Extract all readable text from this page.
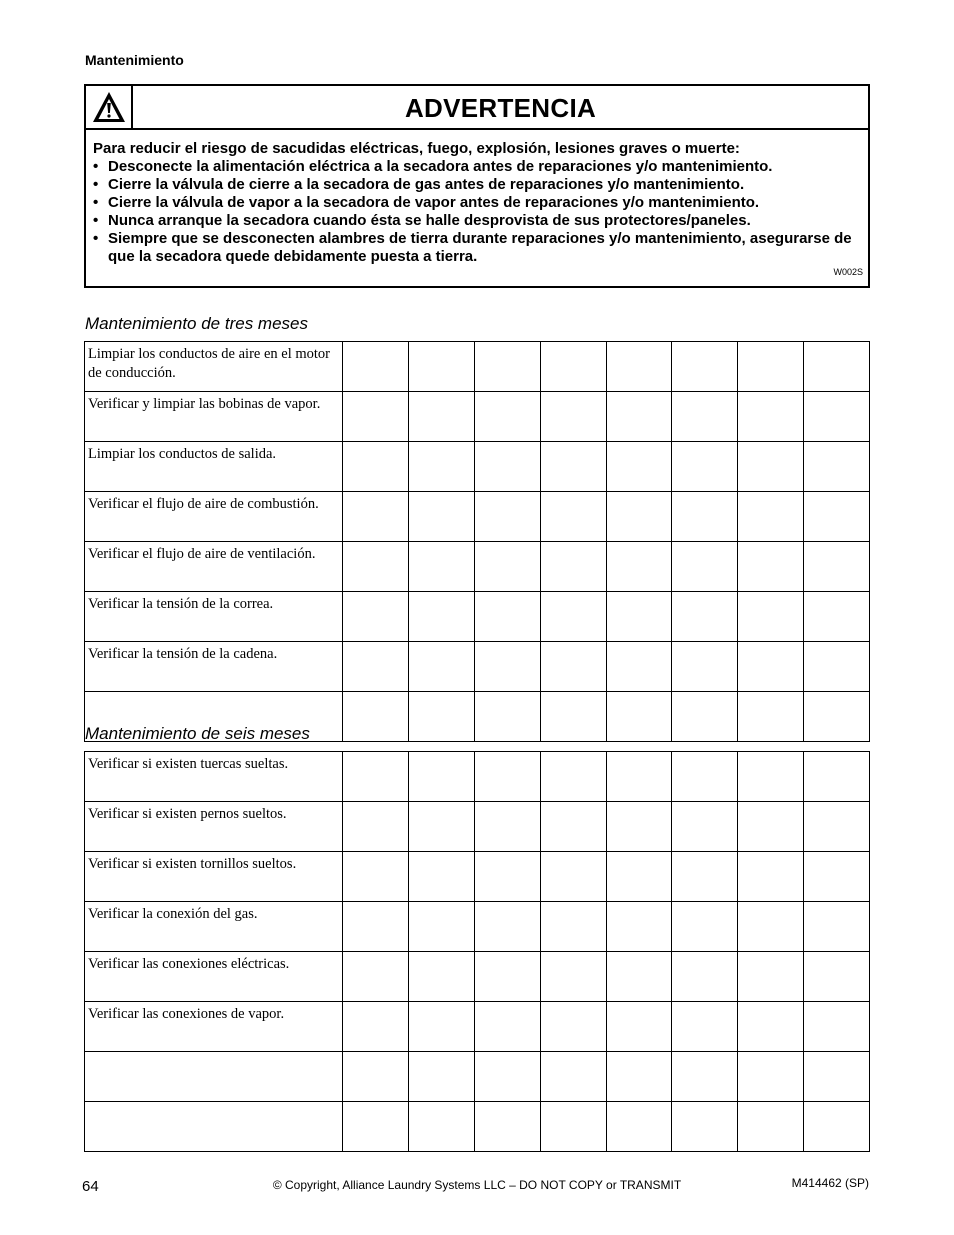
Mantenimiento
ADVERTENCIA
Para reducir el riesgo de sacudidas eléctricas, fuego, explosión, lesiones graves o muerte:
• Desconecte la alimentación eléctrica a la secadora antes de reparaciones y/o mantenimiento.
• Cierre la válvula de cierre a la secadora de gas antes de reparaciones y/o mantenimiento.
• Cierre la válvula de vapor a la secadora de vapor antes de reparaciones y/o mantenimiento.
• Nunca arranque la secadora cuando ésta se halle desprovista de sus protectores/paneles.
• Siempre que se desconecten alambres de tierra durante reparaciones y/o mantenimiento, asegurarse de que la secadora quede debidamente puesta a tierra.
W002S
Mantenimiento de tres meses
Limpiar los conductos de aire en el motor de conducción.								
Verificar y limpiar las bobinas de vapor.								
Limpiar los conductos de salida.								
Verificar el flujo de aire de combustión.								
Verificar el flujo de aire de ventilación.								
Verificar la tensión de la correa.								
Verificar la tensión de la cadena.								

Mantenimiento de seis meses
Verificar si existen tuercas sueltas.								
Verificar si existen pernos sueltos.								
Verificar si existen tornillos sueltos.								
Verificar la conexión del gas.								
Verificar las conexiones eléctricas.								
Verificar las conexiones de vapor.								

64	© Copyright, Alliance Laundry Systems LLC – DO NOT COPY or TRANSMIT	M414462 (SP)
